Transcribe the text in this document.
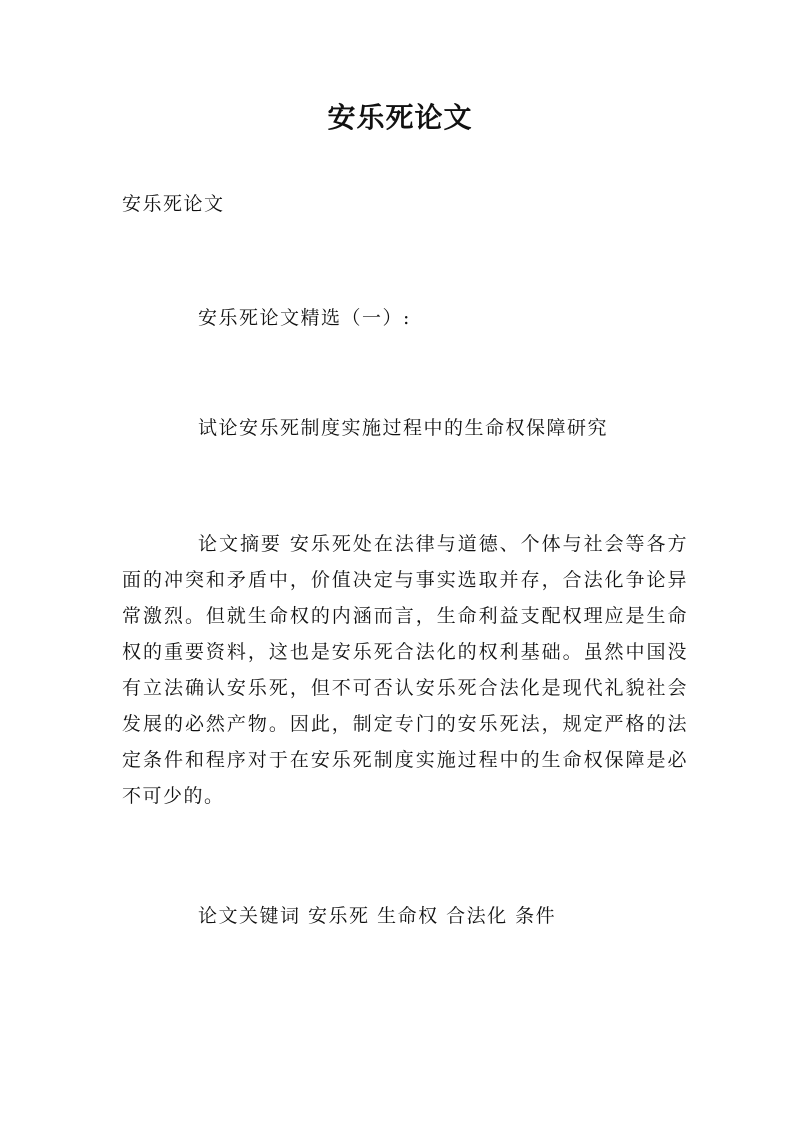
安乐死论文

安乐死论文

安乐死论文精选（一）:

试论安乐死制度实施过程中的生命权保障研究

论文摘要 安乐死处在法律与道德、个体与社会等各方面的冲突和矛盾中，价值决定与事实选取并存，合法化争论异常激烈。但就生命权的内涵而言，生命利益支配权理应是生命权的重要资料，这也是安乐死合法化的权利基础。虽然中国没有立法确认安乐死，但不可否认安乐死合法化是现代礼貌社会发展的必然产物。因此，制定专门的安乐死法，规定严格的法定条件和程序对于在安乐死制度实施过程中的生命权保障是必不可少的。

论文关键词 安乐死 生命权 合法化 条件
